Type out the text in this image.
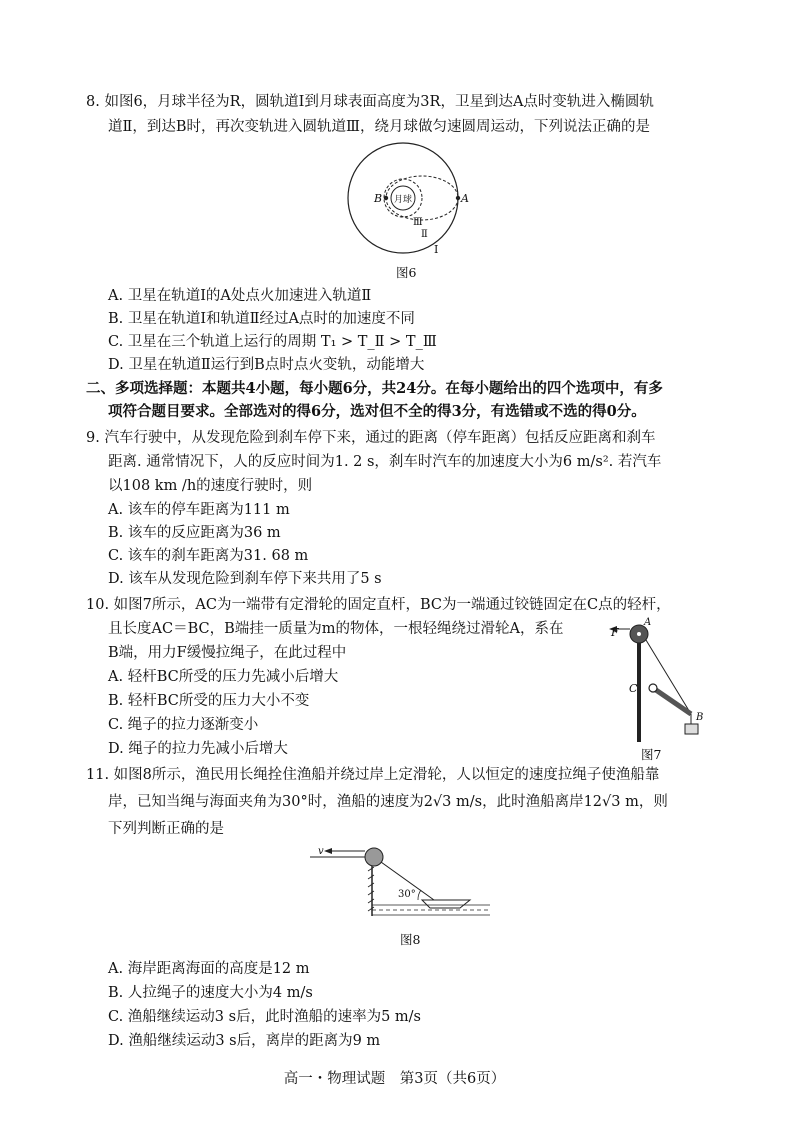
8. 如图6，月球半径为R，圆轨道Ⅰ到月球表面高度为3R，卫星到达A点时变轨进入椭圆轨
道Ⅱ，到达B时，再次变轨进入圆轨道Ⅲ，绕月球做匀速圆周运动，下列说法正确的是
B	A
月球
Ⅲ
Ⅱ
Ⅰ
图6
A. 卫星在轨道Ⅰ的A处点火加速进入轨道Ⅱ
B. 卫星在轨道Ⅰ和轨道Ⅱ经过A点时的加速度不同
C. 卫星在三个轨道上运行的周期 T₁ > T_Ⅱ > T_Ⅲ
D. 卫星在轨道Ⅱ运行到B点时点火变轨，动能增大
二、多项选择题：本题共4小题，每小题6分，共24分。在每小题给出的四个选项中，有多
项符合题目要求。全部选对的得6分，选对但不全的得3分，有选错或不选的得0分。
9. 汽车行驶中，从发现危险到刹车停下来，通过的距离（停车距离）包括反应距离和刹车
距离. 通常情况下，人的反应时间为1. 2 s，刹车时汽车的加速度大小为6 m/s². 若汽车
以108 km /h的速度行驶时，则
A. 该车的停车距离为111 m
B. 该车的反应距离为36 m
C. 该车的刹车距离为31. 68 m
D. 该车从发现危险到刹车停下来共用了5 s
10. 如图7所示，AC为一端带有定滑轮的固定直杆，BC为一端通过铰链固定在C点的轻杆，
且长度AC＝BC，B端挂一质量为m的物体，一根轻绳绕过滑轮A，系在
B端，用力F缓慢拉绳子，在此过程中
A. 轻杆BC所受的压力先减小后增大
B. 轻杆BC所受的压力大小不变
C. 绳子的拉力逐渐变小
D. 绳子的拉力先减小后增大
F
A
C
B
图7
11. 如图8所示，渔民用长绳拴住渔船并绕过岸上定滑轮，人以恒定的速度拉绳子使渔船靠
岸，已知当绳与海面夹角为30°时，渔船的速度为2√3 m/s，此时渔船离岸12√3 m，则
下列判断正确的是
v
30°
图8
A. 海岸距离海面的高度是12 m
B. 人拉绳子的速度大小为4 m/s
C. 渔船继续运动3 s后，此时渔船的速率为5 m/s
D. 渔船继续运动3 s后，离岸的距离为9 m
高一・物理试题　第3页（共6页）
